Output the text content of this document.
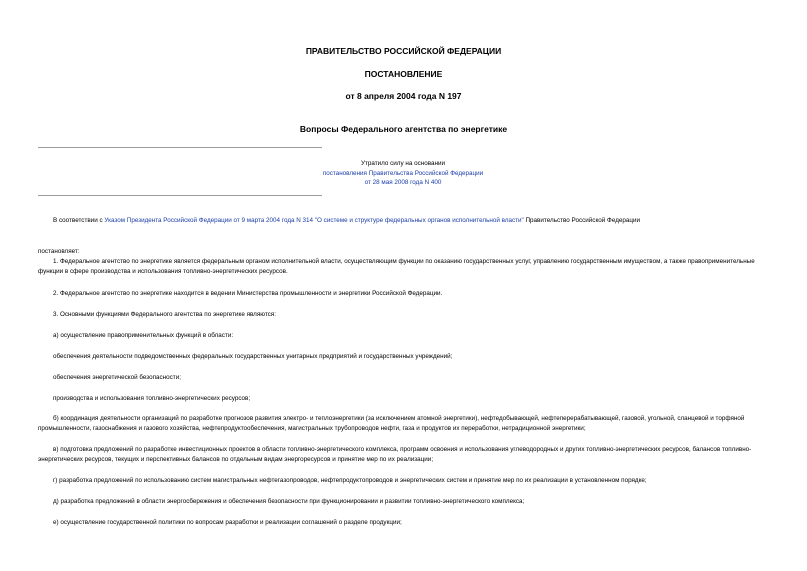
ПРАВИТЕЛЬСТВО РОССИЙСКОЙ ФЕДЕРАЦИИ
ПОСТАНОВЛЕНИЕ
от 8 апреля 2004 года N 197
Вопросы Федерального агентства по энергетике
Утратило силу на основании
постановления Правительства Российской Федерации
от 28 мая 2008 года N 400
В соответствии с Указом Президента Российской Федерации от 9 марта 2004 года N 314 "О системе и структуре федеральных органов исполнительной власти" Правительство Российской Федерации
постановляет:
1. Федеральное агентство по энергетике является федеральным органом исполнительной власти, осуществляющим функции по оказанию государственных услуг, управлению государственным имуществом, а также правоприменительные функции в сфере производства и использования топливно-энергетических ресурсов.
2. Федеральное агентство по энергетике находится в ведении Министерства промышленности и энергетики Российской Федерации.
3. Основными функциями Федерального агентства по энергетике являются:
а) осуществление правоприменительных функций в области:
обеспечения деятельности подведомственных федеральных государственных унитарных предприятий и государственных учреждений;
обеспечения энергетической безопасности;
производства и использования топливно-энергетических ресурсов;
б) координация деятельности организаций по разработке прогнозов развития электро- и теплоэнергетики (за исключением атомной энергетики), нефтедобывающей, нефтеперерабатывающей, газовой, угольной, сланцевой и торфяной промышленности, газоснабжения и газового хозяйства, нефтепродуктообеспечения, магистральных трубопроводов нефти, газа и продуктов их переработки, нетрадиционной энергетики;
в) подготовка предложений по разработке инвестиционных проектов в области топливно-энергетического комплекса, программ освоения и использования углеводородных и других топливно-энергетических ресурсов, балансов топливно-энергетических ресурсов, текущих и перспективных балансов по отдельным видам энергоресурсов и принятие мер по их реализации;
г) разработка предложений по использованию систем магистральных нефтегазопроводов, нефтепродуктопроводов и энергетических систем и принятие мер по их реализации в установленном порядке;
д) разработка предложений в области энергосбережения и обеспечения безопасности при функционировании и развитии топливно-энергетического комплекса;
е) осуществление государственной политики по вопросам разработки и реализации соглашений о разделе продукции;
